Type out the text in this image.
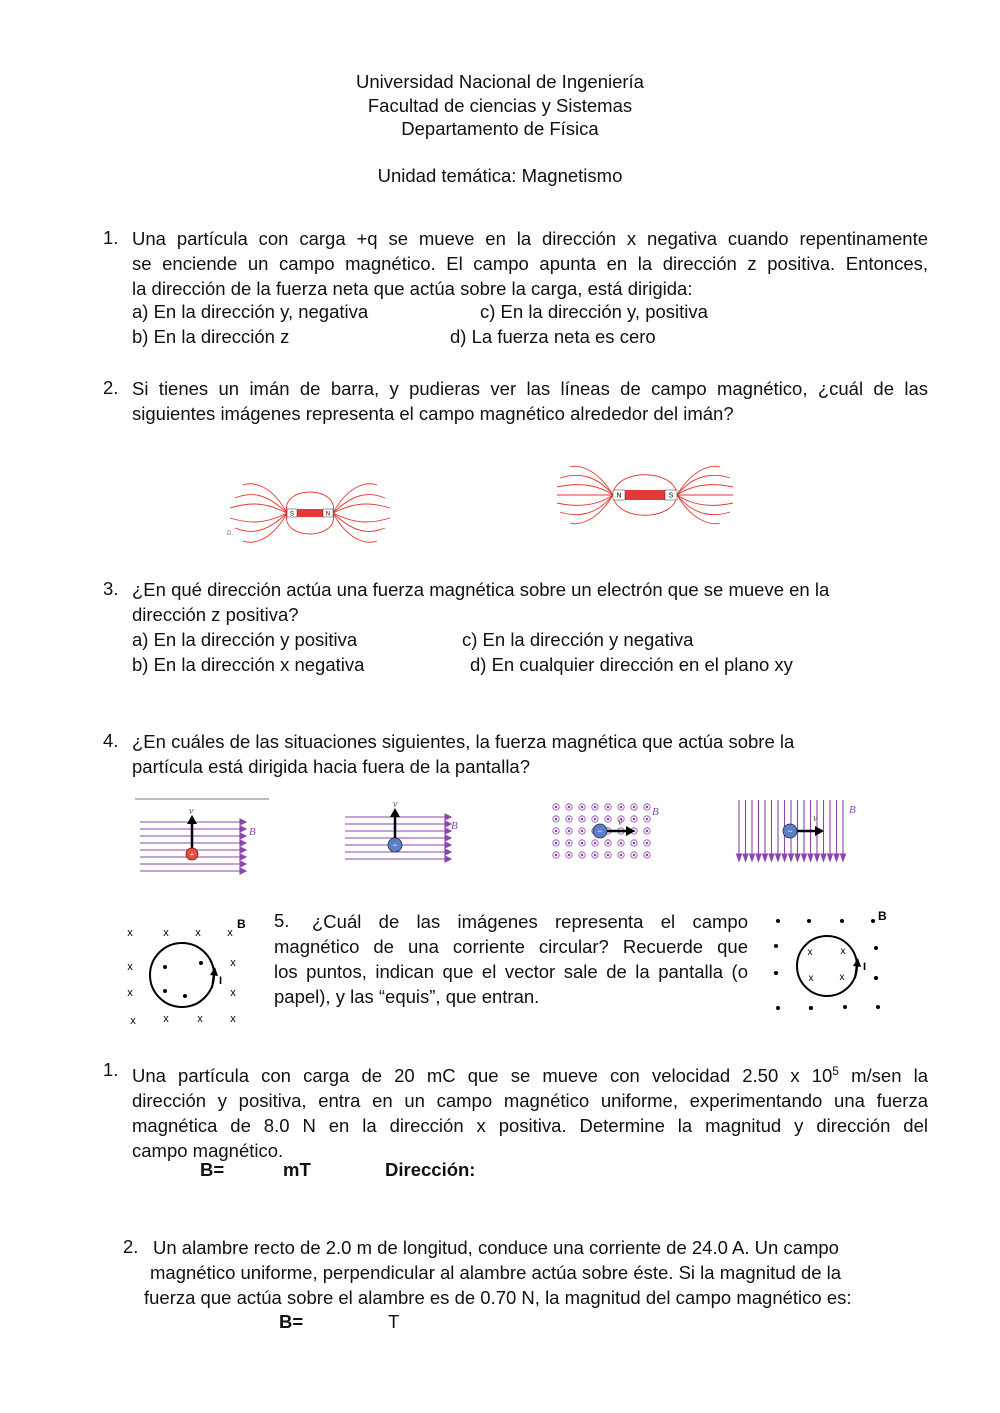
Universidad Nacional de Ingeniería
Facultad de ciencias y Sistemas
Departamento de Física
Unidad temática: Magnetismo
1. Una partícula con carga +q se mueve en la dirección x negativa cuando repentinamente
se enciende un campo magnético. El campo apunta en la dirección z positiva. Entonces,
la dirección de la fuerza neta que actúa sobre la carga, está dirigida:
a) En la dirección y, negativa	c) En la dirección y, positiva
b) En la dirección z	d) La fuerza neta es cero
2. Si tienes un imán de barra, y pudieras ver las líneas de campo magnético, ¿cuál de las
siguientes imágenes representa el campo magnético alrededor del imán?
S	N
D.
N	S
3. ¿En qué dirección actúa una fuerza magnética sobre un electrón que se mueve en la
dirección z positiva?
a) En la dirección y positiva	c) En la dirección y negativa
b) En la dirección x negativa	d) En cualquier dirección en el plano xy
4. ¿En cuáles de las situaciones siguientes, la fuerza magnética que actúa sobre la
partícula está dirigida hacia fuera de la pantalla?
+
v
B
−
v
B	−
v
B
−
v
B
x	x x x
x	x
x	x
x	x	x	x
B
I
5.	¿Cuál de las imágenes representa el campo
magnético de una corriente circular? Recuerde que
los puntos, indican que el vector sale de la pantalla (o
papel), y las “equis”, que entran.
B
x	x
x	x
I
1. Una partícula con carga de 20 mC que se mueve con velocidad 2.50 x $10^5$ m/sen la
dirección y positiva, entra en un campo magnético uniforme, experimentando una fuerza
magnética de 8.0 N en la dirección x positiva. Determine la magnitud y dirección del
campo magnético.
B=	mT	Dirección:
2. Un alambre recto de 2.0 m de longitud, conduce una corriente de 24.0 A. Un campo
magnético uniforme, perpendicular al alambre actúa sobre éste. Si la magnitud de la
fuerza que actúa sobre el alambre es de 0.70 N, la magnitud del campo magnético es:
B=	T
